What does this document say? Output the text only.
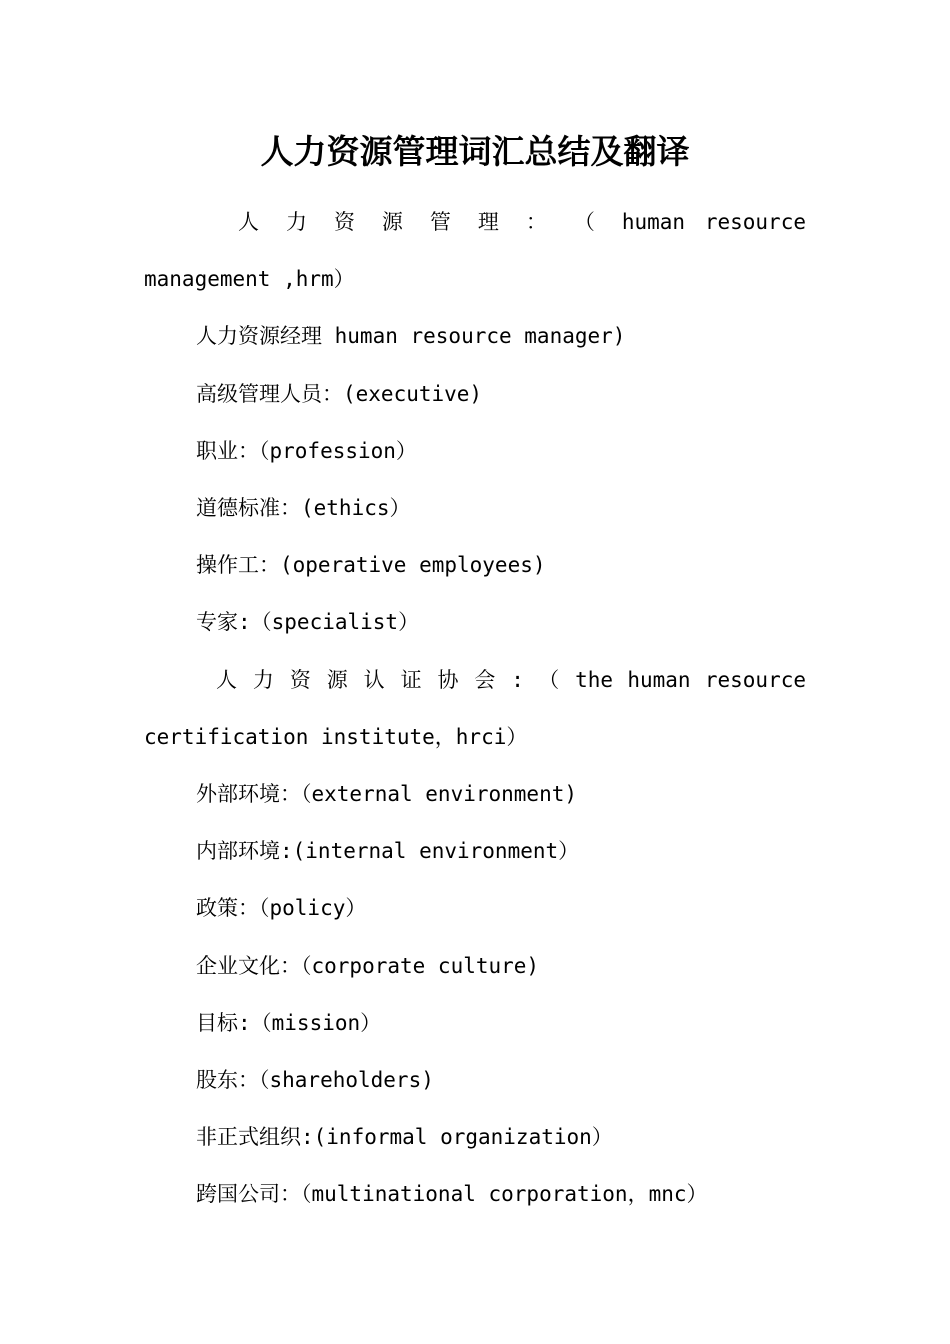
人力资源管理词汇总结及翻译

人 力 资 源 管 理 ： （ human resource
management ,hrm）

人力资源经理 human resource manager)

高级管理人员：(executive)

职业：（profession）

道德标准：(ethics）

操作工：(operative employees)

专家:（specialist）

人 力 资 源 认 证 协 会 : （ the human resource
certification institute，hrci）

外部环境：（external environment)

内部环境:(internal environment）

政策：（policy）

企业文化：（corporate culture)

目标:（mission）

股东：（shareholders)

非正式组织:(informal organization）

跨国公司：（multinational corporation，mnc）
